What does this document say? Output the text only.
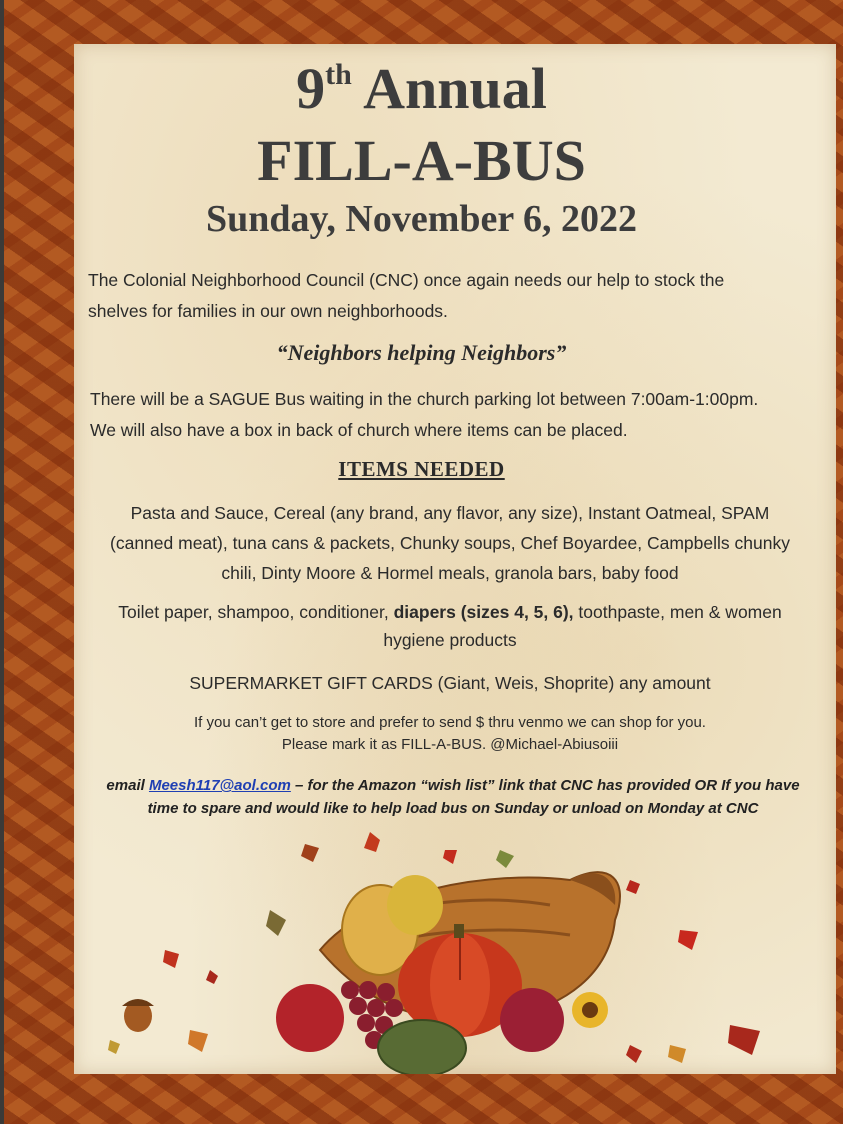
9th Annual
FILL-A-BUS
Sunday, November 6, 2022
The Colonial Neighborhood Council (CNC) once again needs our help to stock the
shelves for families in our own neighborhoods.
“Neighbors helping Neighbors”
There will be a SAGUE Bus waiting in the church parking lot between 7:00am-1:00pm.
We will also have a box in back of church where items can be placed.
ITEMS NEEDED
Pasta and Sauce, Cereal (any brand, any flavor, any size), Instant Oatmeal, SPAM
(canned meat), tuna cans & packets, Chunky soups, Chef Boyardee, Campbells chunky
chili, Dinty Moore & Hormel meals, granola bars, baby food
Toilet paper, shampoo, conditioner, diapers (sizes 4, 5, 6), toothpaste, men & women
hygiene products
SUPERMARKET GIFT CARDS (Giant, Weis, Shoprite) any amount
If you can’t get to store and prefer to send $ thru venmo we can shop for you.
Please mark it as FILL-A-BUS. @Michael-Abiusoiii
email Meesh117@aol.com – for the Amazon “wish list” link that CNC has provided OR If you have
time to spare and would like to help load bus on Sunday or unload on Monday at CNC
